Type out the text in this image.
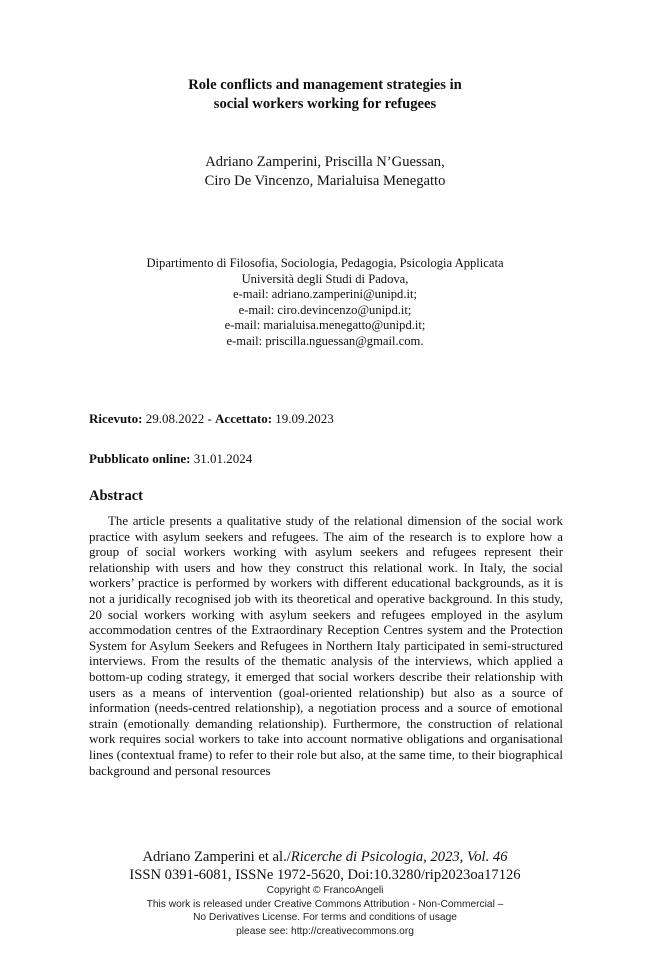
Role conflicts and management strategies in
social workers working for refugees
Adriano Zamperini, Priscilla N’Guessan,
Ciro De Vincenzo, Marialuisa Menegatto
Dipartimento di Filosofia, Sociologia, Pedagogia, Psicologia Applicata
Università degli Studi di Padova,
e-mail: adriano.zamperini@unipd.it;
e-mail: ciro.devincenzo@unipd.it;
e-mail: marialuisa.menegatto@unipd.it;
e-mail: priscilla.nguessan@gmail.com.
Ricevuto: 29.08.2022 - Accettato: 19.09.2023
Pubblicato online: 31.01.2024
Abstract

The article presents a qualitative study of the relational dimension of the social work practice with asylum seekers and refugees. The aim of the research is to explore how a group of social workers working with asylum seekers and refugees represent their relationship with users and how they construct this relational work. In Italy, the social workers’ practice is performed by workers with different educational backgrounds, as it is not a juridically recognised job with its theoretical and operative background. In this study, 20 social workers working with asylum seekers and refugees employed in the asylum accommodation centres of the Extraordinary Reception Centres system and the Protection System for Asylum Seekers and Refugees in Northern Italy participated in semi-structured interviews. From the results of the thematic analysis of the interviews, which applied a bottom-up coding strategy, it emerged that social workers describe their relationship with users as a means of intervention (goal-oriented relationship) but also as a source of information (needs-centred relationship), a negotiation process and a source of emotional strain (emotionally demanding relationship). Furthermore, the construction of relational work requires social workers to take into account normative obligations and organisational lines (contextual frame) to refer to their role but also, at the same time, to their biographical background and personal resources

Adriano Zamperini et al./Ricerche di Psicologia, 2023, Vol. 46
ISSN 0391-6081, ISSNe 1972-5620, Doi:10.3280/rip2023oa17126
Copyright © FrancoAngeli
This work is released under Creative Commons Attribution - Non-Commercial –
No Derivatives License. For terms and conditions of usage
please see: http://creativecommons.org
